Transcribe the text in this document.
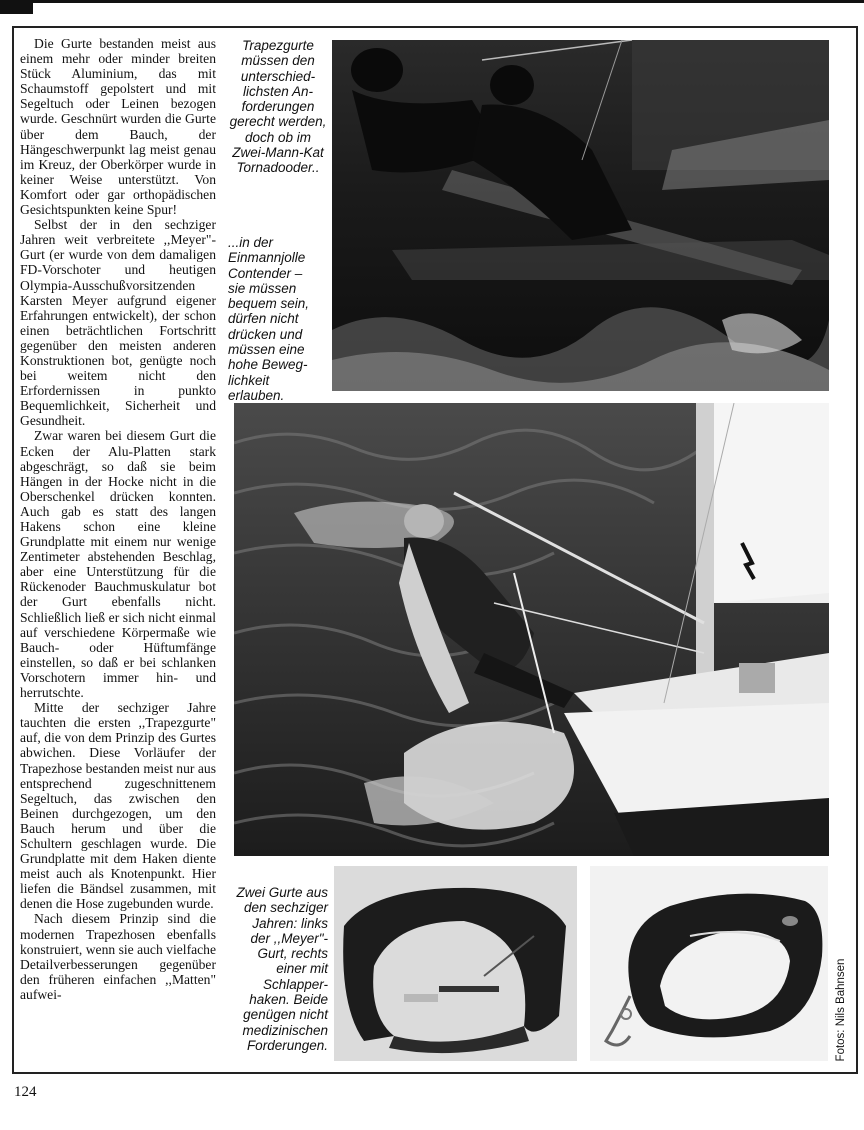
Die Gurte bestanden meist aus einem mehr oder minder breiten Stück Aluminium, das mit Schaumstoff gepolstert und mit Segeltuch oder Leinen bezogen wurde. Geschnürt wurden die Gurte über dem Bauch, der Hängeschwerpunkt lag meist genau im Kreuz, der Oberkörper wurde in keiner Weise unterstützt. Von Komfort oder gar orthopädischen Gesichtspunkten keine Spur!

Selbst der in den sechziger Jahren weit verbreitete ,,Meyer"-Gurt (er wurde von dem damaligen FD-Vorschoter und heutigen Olympia-Ausschußvorsitzenden Karsten Meyer aufgrund eigener Erfahrungen entwickelt), der schon einen beträchtlichen Fortschritt gegenüber den meisten anderen Konstruktionen bot, genügte noch bei weitem nicht den Erfordernissen in punkto Bequemlichkeit, Sicherheit und Gesundheit.

Zwar waren bei diesem Gurt die Ecken der Alu-Platten stark abgeschrägt, so daß sie beim Hängen in der Hocke nicht in die Oberschenkel drücken konnten. Auch gab es statt des langen Hakens schon eine kleine Grundplatte mit einem nur wenige Zentimeter abstehenden Beschlag, aber eine Unterstützung für die Rückenoder Bauchmuskulatur bot der Gurt ebenfalls nicht. Schließlich ließ er sich nicht einmal auf verschiedene Körpermaße wie Bauch- oder Hüftumfänge einstellen, so daß er bei schlanken Vorschotern immer hin- und herrutschte.

Mitte der sechziger Jahre tauchten die ersten ,,Trapezgurte" auf, die von dem Prinzip des Gurtes abwichen. Diese Vorläufer der Trapezhose bestanden meist nur aus entsprechend zugeschnittenem Segeltuch, das zwischen den Beinen durchgezogen, um den Bauch herum und über die Schultern geschlagen wurde. Die Grundplatte mit dem Haken diente meist auch als Knotenpunkt. Hier liefen die Bändsel zusammen, mit denen die Hose zugebunden wurde.

Nach diesem Prinzip sind die modernen Trapezhosen ebenfalls konstruiert, wenn sie auch vielfache Detailverbesserungen gegenüber den früheren einfachen ,,Matten" aufwei-

Trapezgurte müssen den unterschied-lichsten An-forderungen gerecht werden, doch ob im Zwei-Mann-Kat Tornadooder..
...in der Einmannjolle Contender – sie müssen bequem sein, dürfen nicht drücken und müssen eine hohe Beweg-lichkeit erlauben.
Zwei Gurte aus den sechziger Jahren: links der ,,Meyer"-Gurt, rechts einer mit Schlapper-haken. Beide genügen nicht medizinischen Forderungen.	Fotos: Nils Bahnsen
124
